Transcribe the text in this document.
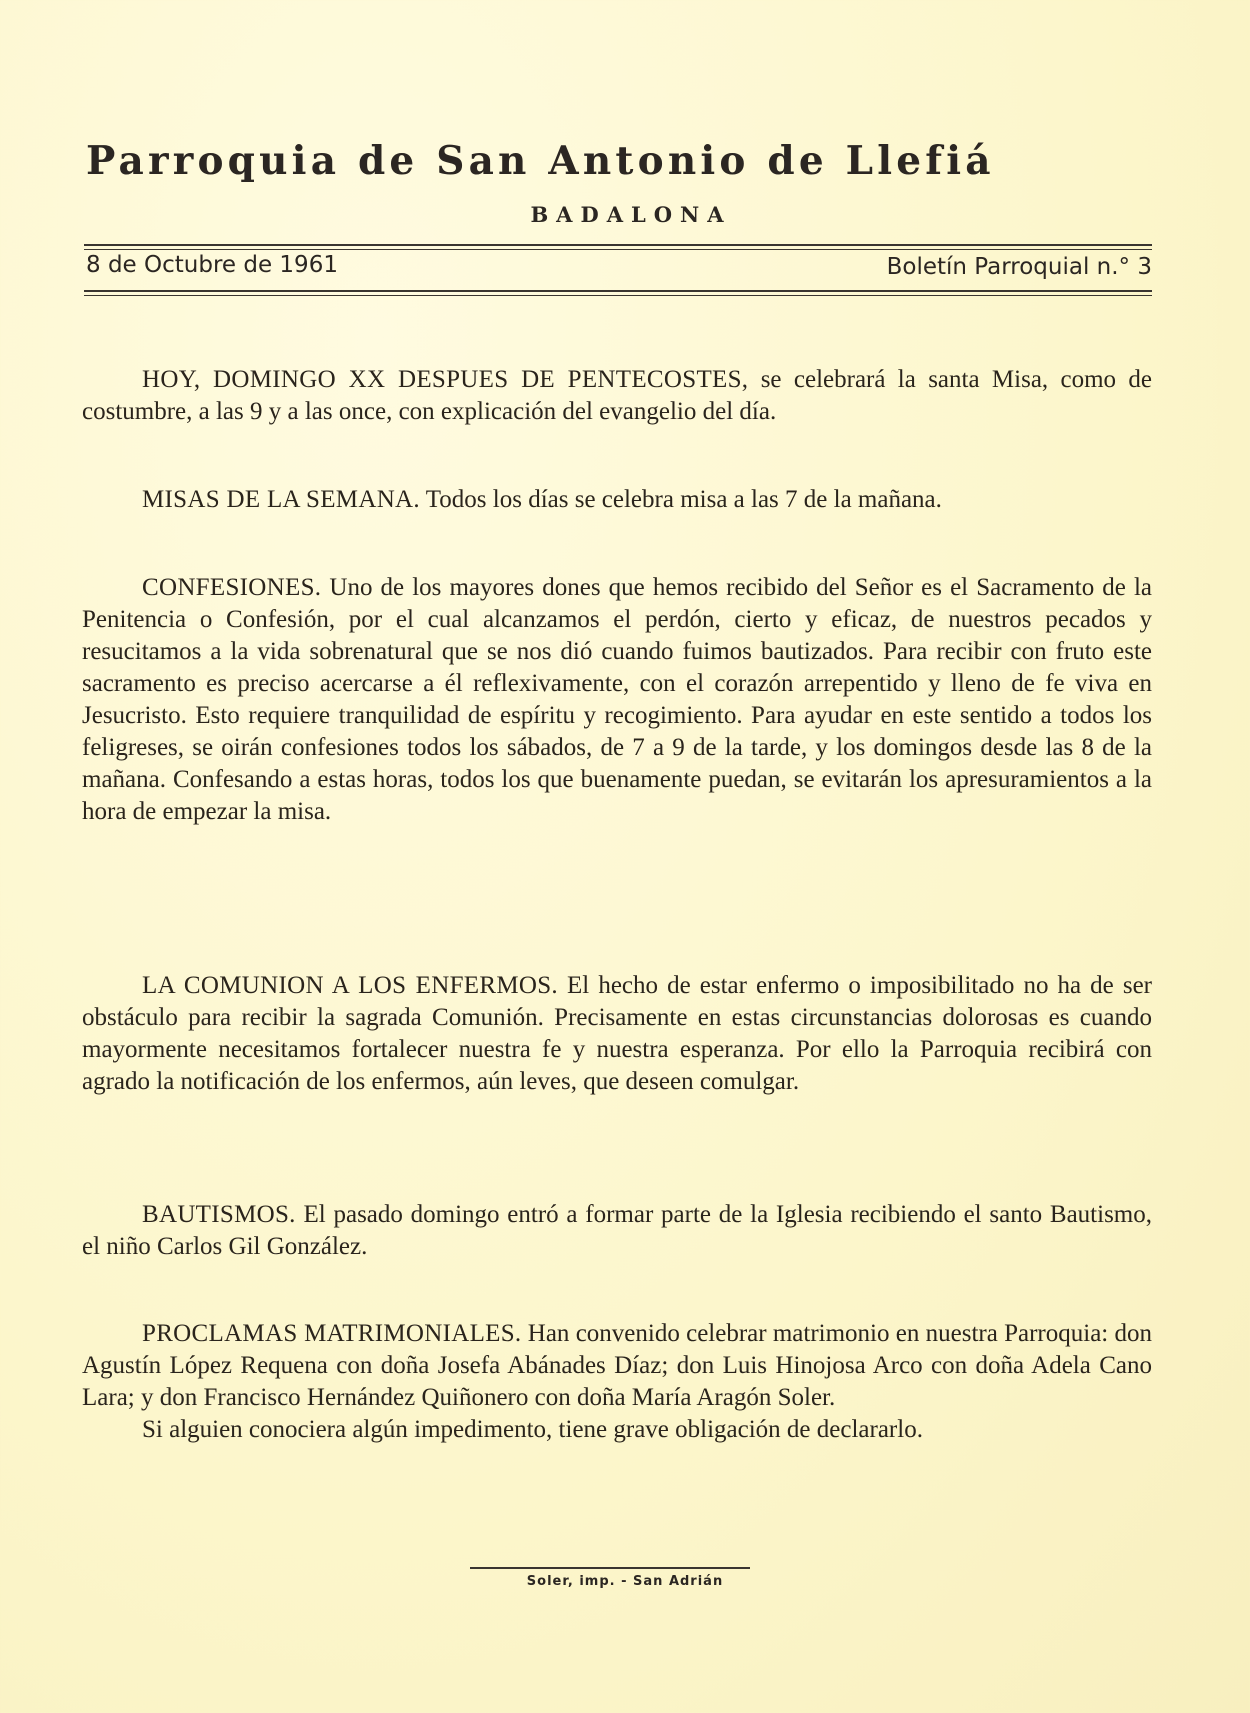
Parroquia de San Antonio de Llefiá
BADALONA
8 de Octubre de 1961	Boletín Parroquial n.° 3

HOY, DOMINGO XX DESPUES DE PENTECOSTES, se celebrará la santa Misa, como de costumbre, a las 9 y a las once, con explicación del evangelio del día.

MISAS DE LA SEMANA. Todos los días se celebra misa a las 7 de la mañana.

CONFESIONES. Uno de los mayores dones que hemos recibido del Señor es el Sacramento de la Penitencia o Confesión, por el cual alcanzamos el perdón, cierto y eficaz, de nuestros pecados y resucitamos a la vida sobrenatural que se nos dió cuando fuimos bautizados. Para recibir con fruto este sacramento es preciso acercarse a él reflexivamente, con el corazón arrepentido y lleno de fe viva en Jesucristo. Esto requiere tranquilidad de espíritu y recogimiento. Para ayudar en este sentido a todos los feligreses, se oirán confesiones todos los sábados, de 7 a 9 de la tarde, y los domingos desde las 8 de la mañana. Confesando a estas horas, todos los que buenamente puedan, se evitarán los apresuramientos a la hora de empezar la misa.

LA COMUNION A LOS ENFERMOS. El hecho de estar enfermo o imposibilitado no ha de ser obstáculo para recibir la sagrada Comunión. Precisamente en estas circunstancias dolorosas es cuando mayormente necesitamos fortalecer nuestra fe y nuestra esperanza. Por ello la Parroquia recibirá con agrado la notificación de los enfermos, aún leves, que deseen comulgar.

BAUTISMOS. El pasado domingo entró a formar parte de la Iglesia recibiendo el santo Bautismo, el niño Carlos Gil González.

PROCLAMAS MATRIMONIALES. Han convenido celebrar matrimonio en nuestra Parroquia: don Agustín López Requena con doña Josefa Abánades Díaz; don Luis Hinojosa Arco con doña Adela Cano Lara; y don Francisco Hernández Quiñonero con doña María Aragón Soler.

Si alguien conociera algún impedimento, tiene grave obligación de declararlo.

Soler, imp. - San Adrián
